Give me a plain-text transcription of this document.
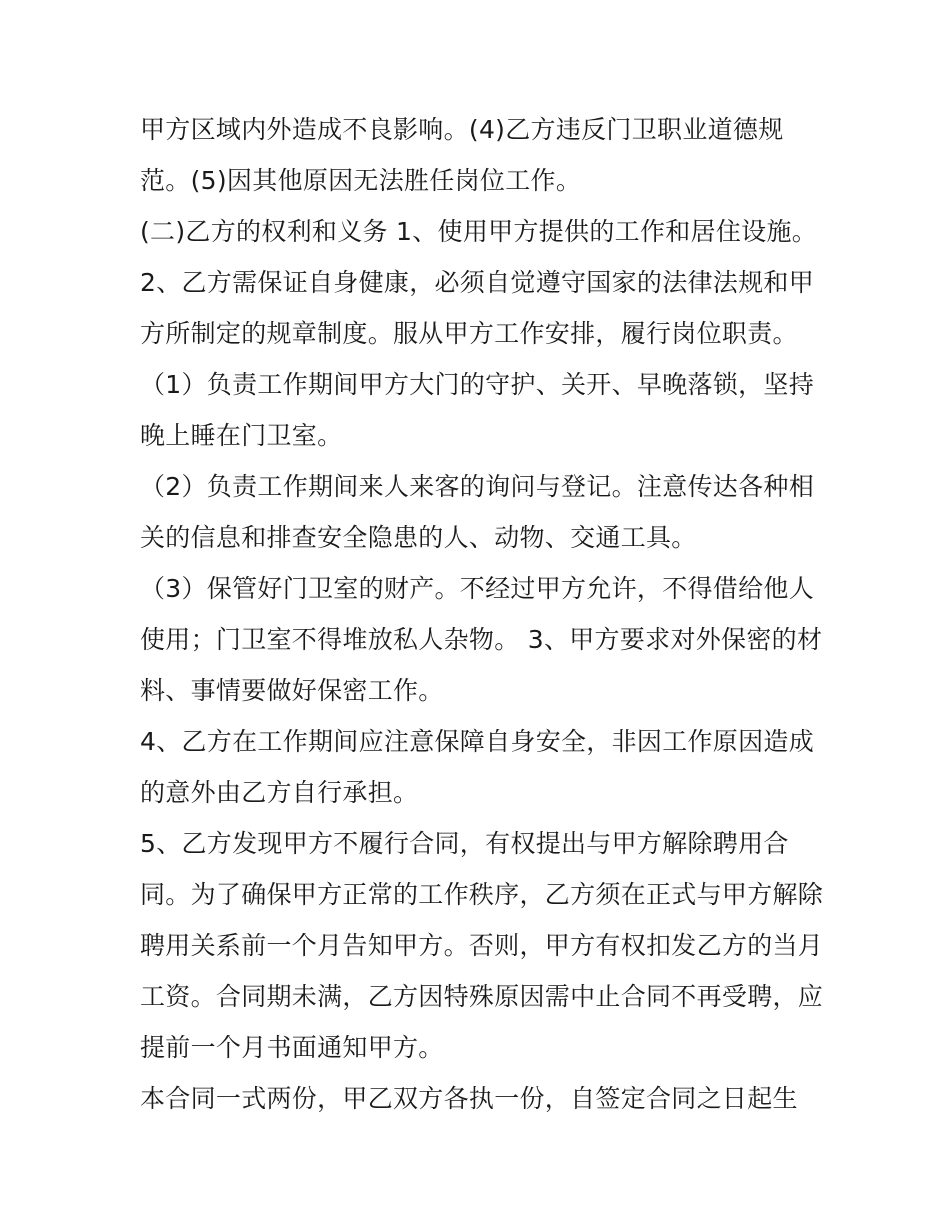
甲方区域内外造成不良影响。(4)乙方违反门卫职业道德规
范。(5)因其他原因无法胜任岗位工作。
(二)乙方的权利和义务 1、使用甲方提供的工作和居住设施。
2、乙方需保证自身健康，必须自觉遵守国家的法律法规和甲
方所制定的规章制度。服从甲方工作安排，履行岗位职责。
（1）负责工作期间甲方大门的守护、关开、早晚落锁，坚持
晚上睡在门卫室。
（2）负责工作期间来人来客的询问与登记。注意传达各种相
关的信息和排查安全隐患的人、动物、交通工具。
（3）保管好门卫室的财产。不经过甲方允许，不得借给他人
使用；门卫室不得堆放私人杂物。 3、甲方要求对外保密的材
料、事情要做好保密工作。
4、乙方在工作期间应注意保障自身安全，非因工作原因造成
的意外由乙方自行承担。
5、乙方发现甲方不履行合同，有权提出与甲方解除聘用合
同。为了确保甲方正常的工作秩序，乙方须在正式与甲方解除
聘用关系前一个月告知甲方。否则，甲方有权扣发乙方的当月
工资。合同期未满，乙方因特殊原因需中止合同不再受聘，应
提前一个月书面通知甲方。
本合同一式两份，甲乙双方各执一份，自签定合同之日起生
